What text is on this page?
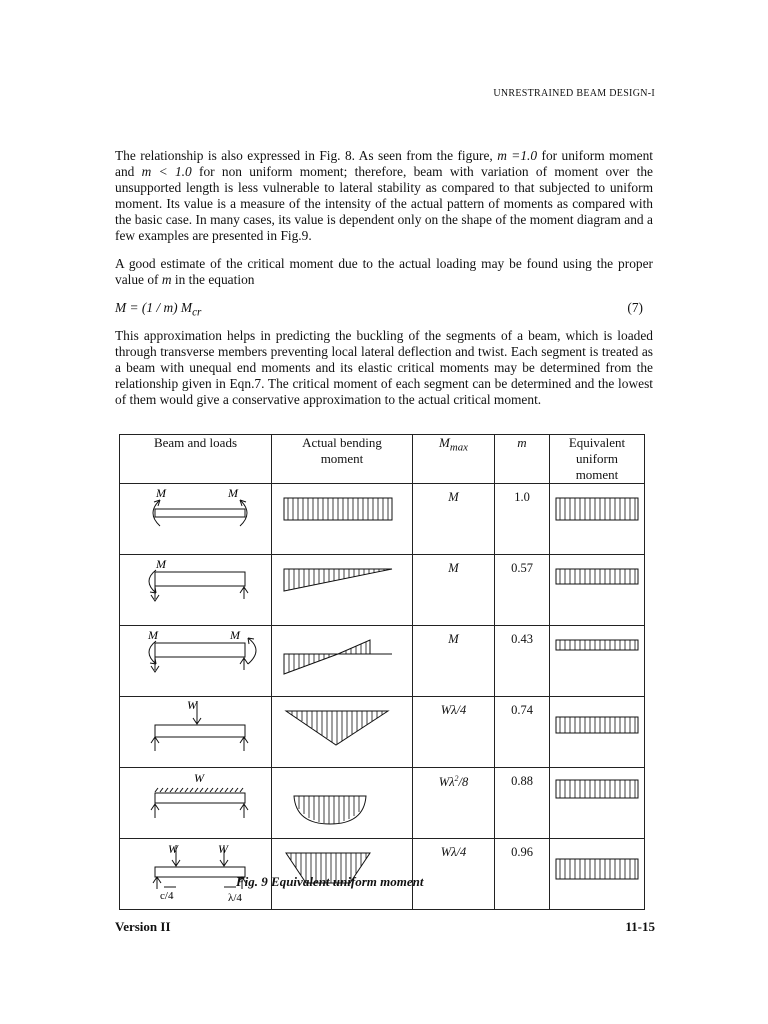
UNRESTRAINED BEAM DESIGN-I

The relationship is also expressed in Fig. 8. As seen from the figure, m =1.0 for uniform moment and m < 1.0 for non uniform moment; therefore, beam with variation of moment over the unsupported length is less vulnerable to lateral stability as compared to that subjected to uniform moment. Its value is a measure of the intensity of the actual pattern of moments as compared with the basic case. In many cases, its value is dependent only on the shape of the moment diagram and a few examples are presented in Fig.9.

A good estimate of the critical moment due to the actual loading may be found using the proper value of m in the equation

M = (1 / m) $M_{cr}$	(7)

This approximation helps in predicting the buckling of the segments of a beam, which is loaded through transverse members preventing local lateral deflection and twist. Each segment is treated as a beam with unequal end moments and its elastic critical moments may be determined from the relationship given in Eqn.7. The critical moment of each segment can be determined and the lowest of them would give a conservative approximation to the actual critical moment.

Beam and loads	Actual bending moment	$M_{max}$	m	Equivalent uniform moment

M M		M	1.0	

M		M	0.57	

M M		M	0.43	

W		Wλ/4	0.74	

W		$W\lambda^2/8$	0.88	

W W
c/4 λ/4		Wλ/4	0.96	
Fig. 9 Equivalent uniform moment
Version II	11-15
